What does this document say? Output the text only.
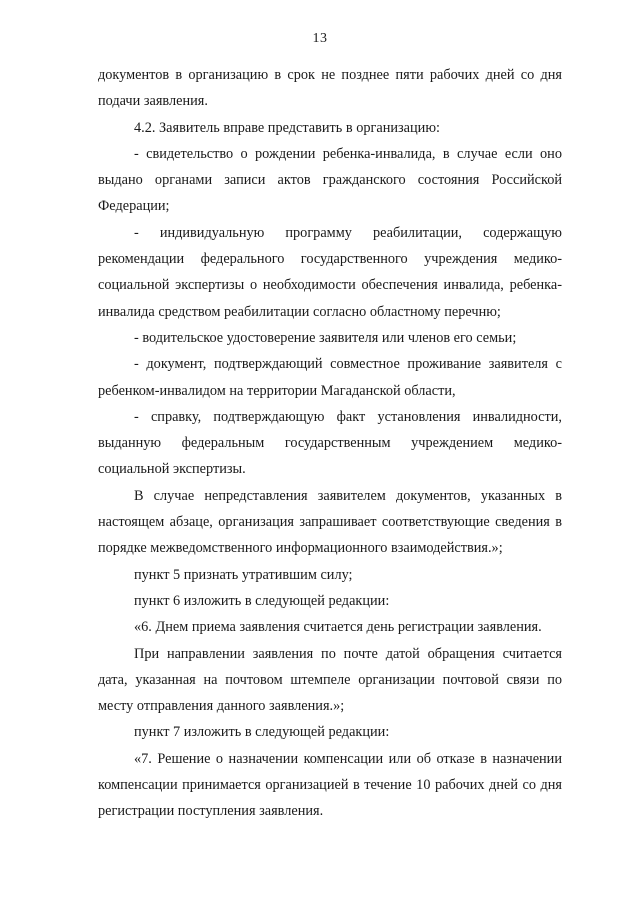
13

документов в организацию в срок не позднее пяти рабочих дней со дня подачи заявления.

4.2. Заявитель вправе представить в организацию:

- свидетельство о рождении ребенка-инвалида, в случае если оно выдано органами записи актов гражданского состояния Российской Федерации;

- индивидуальную программу реабилитации, содержащую рекомендации федерального государственного учреждения медико-социальной экспертизы о необходимости обеспечения инвалида, ребенка-инвалида средством реабилитации согласно областному перечню;

- водительское удостоверение заявителя или членов его семьи;

- документ, подтверждающий совместное проживание заявителя с ребенком-инвалидом на территории Магаданской области,

- справку, подтверждающую факт установления инвалидности, выданную федеральным государственным учреждением медико-социальной экспертизы.

В случае непредставления заявителем документов, указанных в настоящем абзаце, организация запрашивает соответствующие сведения в порядке межведомственного информационного взаимодействия.»;

пункт 5 признать утратившим силу;

пункт 6 изложить в следующей редакции:

«6. Днем приема заявления считается день регистрации заявления.

При направлении заявления по почте датой обращения считается дата, указанная на почтовом штемпеле организации почтовой связи по месту отправления данного заявления.»;

пункт 7 изложить в следующей редакции:

«7. Решение о назначении компенсации или об отказе в назначении компенсации принимается организацией в течение 10 рабочих дней со дня регистрации поступления заявления.
